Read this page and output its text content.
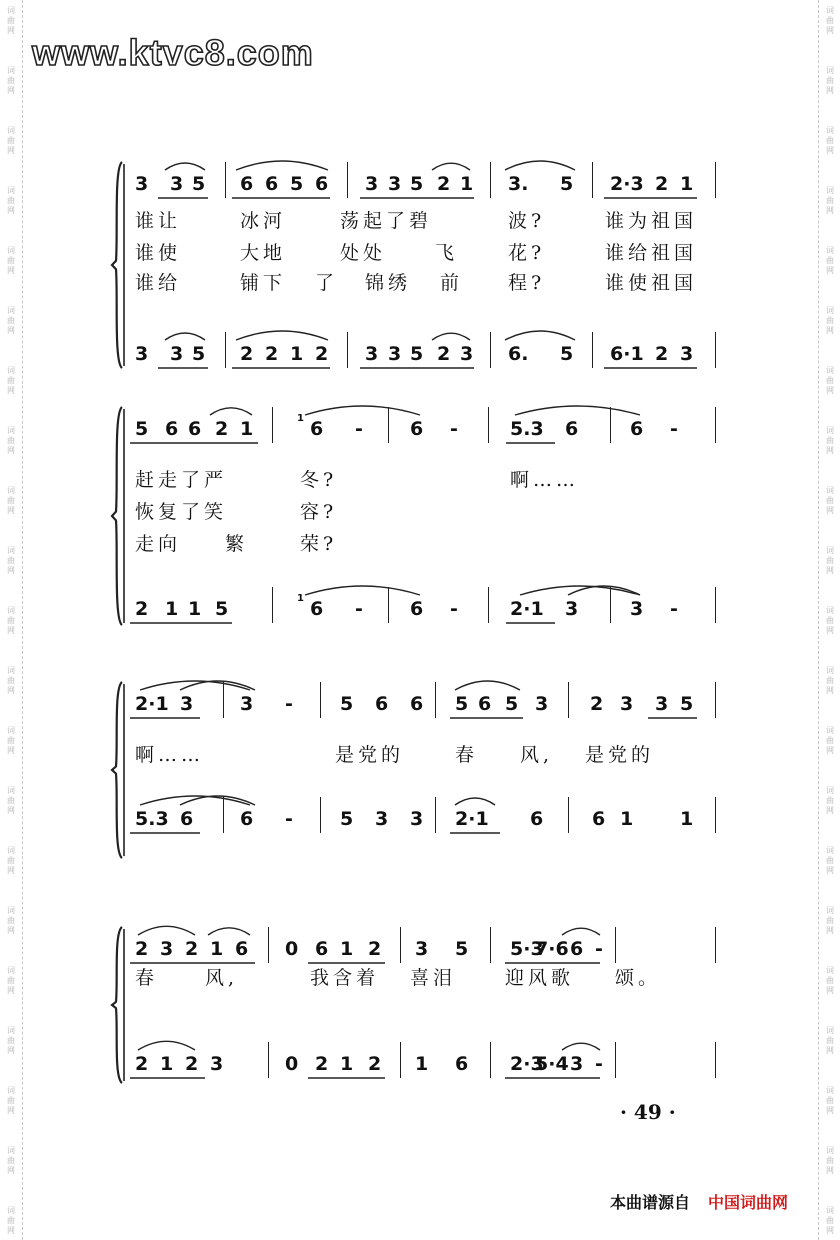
词曲网
词曲网
词曲网
词曲网
词曲网
词曲网
词曲网
词曲网
词曲网
词曲网
词曲网
词曲网
词曲网
词曲网
词曲网
词曲网
词曲网
词曲网
词曲网
词曲网
词曲网
词曲网
词曲网
词曲网
词曲网
词曲网
词曲网
词曲网
词曲网
词曲网
词曲网
词曲网
词曲网
词曲网
词曲网
词曲网
词曲网
词曲网
词曲网
词曲网
词曲网
词曲网
www.ktvc8.com
3 3 5 6 6 5 6 3 3 5 2 1 3. 5 2·3 2 1
3 3 5 2 2 1 2 3 3 5 2 3 6. 5 6·1 2 3
谁让	冰河	荡起了碧	波?	谁为祖国
谁使	大地	处处	飞	花?	谁给祖国
谁给	铺下 了 锦绣 前 程?	谁使祖国
5 6 6 2 1	6 - 6 -	5.3 6	6 -
2 1 1 5	6 - 6 -	2·1 3	3 -
1
1
赶走了严	冬?	啊……
恢复了笑	容?
走向 繁	荣?
2·1 3 3 - 5 6 6 5 6 5 3 2 3 3 5
5.3 6 6 - 5 3 3 2·1 6	6 1 1
啊……	是党的	春 风, 是党的
2 3 2 1 6 0 6 1 2 3 5 5·3
7·6 6 -
2 1 2 3	0 2 1 2 1 6 2·3
5·4 3 -
春 风,	我含着 喜泪	迎风歌 颂。
· 49 ·
本曲谱源自 中国词曲网
